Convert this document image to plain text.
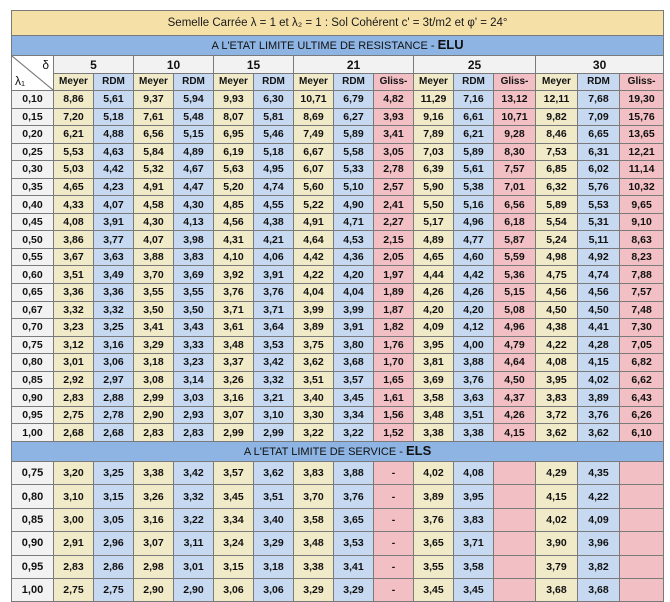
Semelle Carrée λ = 1 et λ₂ = 1 : Sol Cohérent c' = 3t/m2 et φ' = 24°															
A L'ETAT LIMITE ULTIME DE RESISTANCE - ELU															

δ
λ₁	5		10		15		21			25			30		
	Meyer	RDM	Meyer	RDM	Meyer	RDM	Meyer	RDM	Gliss-	Meyer	RDM	Gliss-	Meyer	RDM	Gliss-
0,10	8,86	5,61	9,37	5,94	9,93	6,30	10,71	6,79	4,82	11,29	7,16	13,12	12,11	7,68	19,30
0,15	7,20	5,18	7,61	5,48	8,07	5,81	8,69	6,27	3,93	9,16	6,61	10,71	9,82	7,09	15,76
0,20	6,21	4,88	6,56	5,15	6,95	5,46	7,49	5,89	3,41	7,89	6,21	9,28	8,46	6,65	13,65
0,25	5,53	4,63	5,84	4,89	6,19	5,18	6,67	5,58	3,05	7,03	5,89	8,30	7,53	6,31	12,21
0,30	5,03	4,42	5,32	4,67	5,63	4,95	6,07	5,33	2,78	6,39	5,61	7,57	6,85	6,02	11,14
0,35	4,65	4,23	4,91	4,47	5,20	4,74	5,60	5,10	2,57	5,90	5,38	7,01	6,32	5,76	10,32
0,40	4,33	4,07	4,58	4,30	4,85	4,55	5,22	4,90	2,41	5,50	5,16	6,56	5,89	5,53	9,65
0,45	4,08	3,91	4,30	4,13	4,56	4,38	4,91	4,71	2,27	5,17	4,96	6,18	5,54	5,31	9,10
0,50	3,86	3,77	4,07	3,98	4,31	4,21	4,64	4,53	2,15	4,89	4,77	5,87	5,24	5,11	8,63
0,55	3,67	3,63	3,88	3,83	4,10	4,06	4,42	4,36	2,05	4,65	4,60	5,59	4,98	4,92	8,23
0,60	3,51	3,49	3,70	3,69	3,92	3,91	4,22	4,20	1,97	4,44	4,42	5,36	4,75	4,74	7,88
0,65	3,36	3,36	3,55	3,55	3,76	3,76	4,04	4,04	1,89	4,26	4,26	5,15	4,56	4,56	7,57
0,67	3,32	3,32	3,50	3,50	3,71	3,71	3,99	3,99	1,87	4,20	4,20	5,08	4,50	4,50	7,48
0,70	3,23	3,25	3,41	3,43	3,61	3,64	3,89	3,91	1,82	4,09	4,12	4,96	4,38	4,41	7,30
0,75	3,12	3,16	3,29	3,33	3,48	3,53	3,75	3,80	1,76	3,95	4,00	4,79	4,22	4,28	7,05
0,80	3,01	3,06	3,18	3,23	3,37	3,42	3,62	3,68	1,70	3,81	3,88	4,64	4,08	4,15	6,82
0,85	2,92	2,97	3,08	3,14	3,26	3,32	3,51	3,57	1,65	3,69	3,76	4,50	3,95	4,02	6,62
0,90	2,83	2,88	2,99	3,03	3,16	3,21	3,40	3,45	1,61	3,58	3,63	4,37	3,83	3,89	6,43
0,95	2,75	2,78	2,90	2,93	3,07	3,10	3,30	3,34	1,56	3,48	3,51	4,26	3,72	3,76	6,26
1,00	2,68	2,68	2,83	2,83	2,99	2,99	3,22	3,22	1,52	3,38	3,38	4,15	3,62	3,62	6,10
A L'ETAT LIMITE DE SERVICE - ELS															
0,75	3,20	3,25	3,38	3,42	3,57	3,62	3,83	3,88	-	4,02	4,08		4,29	4,35	
0,80	3,10	3,15	3,26	3,32	3,45	3,51	3,70	3,76	-	3,89	3,95		4,15	4,22	
0,85	3,00	3,05	3,16	3,22	3,34	3,40	3,58	3,65	-	3,76	3,83		4,02	4,09	
0,90	2,91	2,96	3,07	3,11	3,24	3,29	3,48	3,53	-	3,65	3,71		3,90	3,96	
0,95	2,83	2,86	2,98	3,01	3,15	3,18	3,38	3,41	-	3,55	3,58		3,79	3,82	
1,00	2,75	2,75	2,90	2,90	3,06	3,06	3,29	3,29	-	3,45	3,45		3,68	3,68	
